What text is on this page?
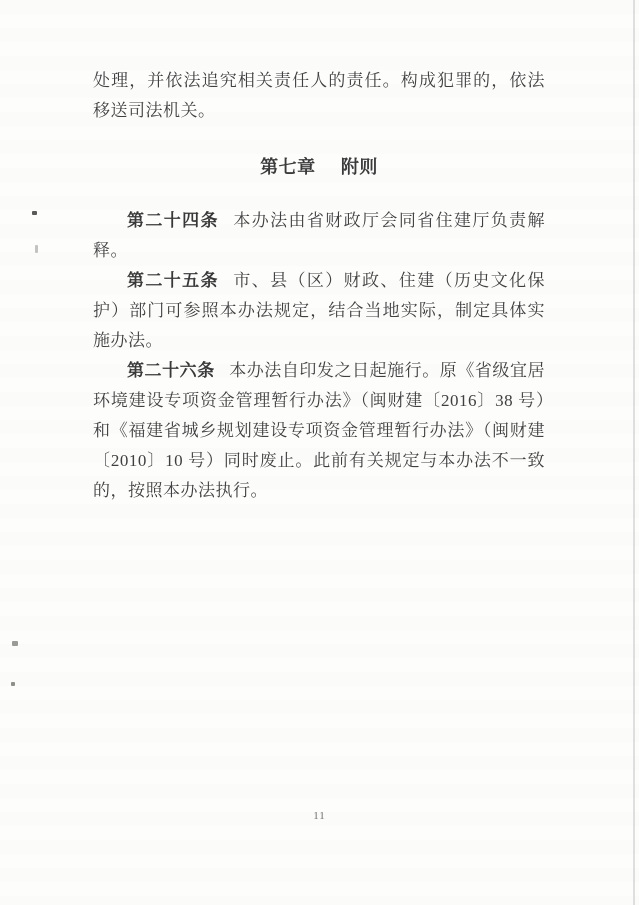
处理，并依法追究相关责任人的责任。构成犯罪的，依法移送司法机关。

第七章 附则

第二十四条 本办法由省财政厅会同省住建厅负责解释。

第二十五条 市、县（区）财政、住建（历史文化保护）部门可参照本办法规定，结合当地实际，制定具体实施办法。

第二十六条 本办法自印发之日起施行。原《省级宜居环境建设专项资金管理暂行办法》（闽财建〔2016〕38 号）和《福建省城乡规划建设专项资金管理暂行办法》（闽财建〔2010〕10 号）同时废止。此前有关规定与本办法不一致的，按照本办法执行。

11
